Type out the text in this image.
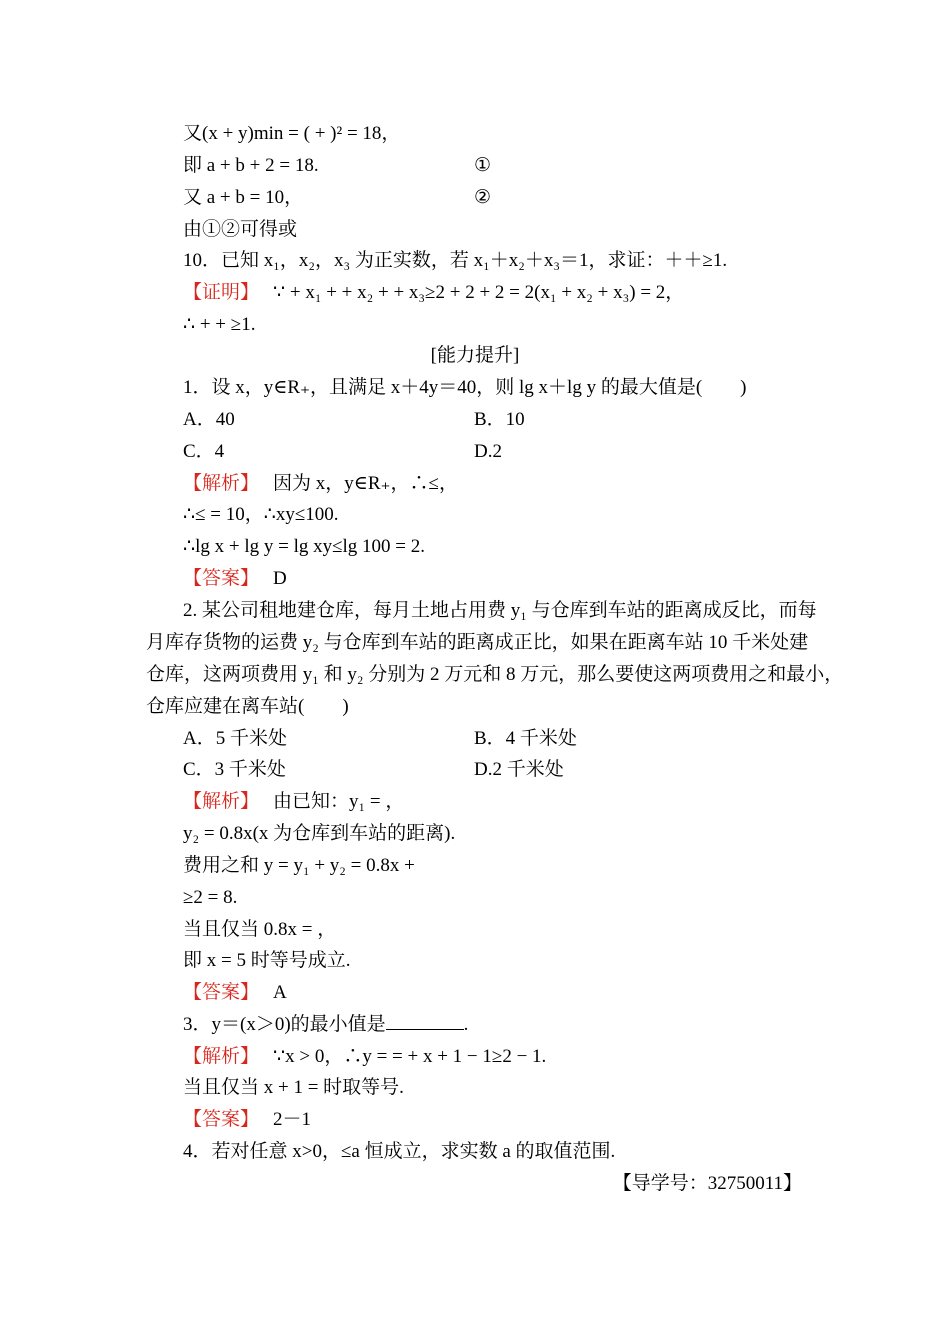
又(x + y)min = ( + )² = 18，
即 a + b + 2 = 18.	①
又 a + b = 10，	②
由①②可得或
10．已知 x₁，x₂，x₃ 为正实数，若 x₁＋x₂＋x₃＝1，求证：＋＋≥1.
【证明】 ∵ + x₁ + + x₂ + + x₃≥2 + 2 + 2 = 2(x₁ + x₂ + x₃) = 2，
∴ + + ≥1.
[能力提升]
1．设 x，y∈R₊，且满足 x＋4y＝40，则 lg x＋lg y 的最大值是(　　)
A．40	B．10
C．4	D.2
【解析】 因为 x，y∈R₊，∴≤，
∴≤ = 10，∴xy≤100.
∴lg x + lg y = lg xy≤lg 100 = 2.
【答案】 D
2. 某公司租地建仓库，每月土地占用费 y₁ 与仓库到车站的距离成反比，而每
月库存货物的运费 y₂ 与仓库到车站的距离成正比，如果在距离车站 10 千米处建
仓库，这两项费用 y₁ 和 y₂ 分别为 2 万元和 8 万元，那么要使这两项费用之和最小，
仓库应建在离车站(　　)
A．5 千米处	B．4 千米处
C．3 千米处	D.2 千米处
【解析】 由已知：y₁ = ，
y₂ = 0.8x(x 为仓库到车站的距离).
费用之和 y = y₁ + y₂ = 0.8x +
≥2 = 8.
当且仅当 0.8x = ，
即 x = 5 时等号成立.
【答案】 A
3．y＝(x＞0)的最小值是	.
【解析】 ∵x > 0，∴y = = + x + 1 − 1≥2 − 1.
当且仅当 x + 1 = 时取等号.
【答案】 2－1
4．若对任意 x>0，≤a 恒成立，求实数 a 的取值范围.
【导学号：32750011】
